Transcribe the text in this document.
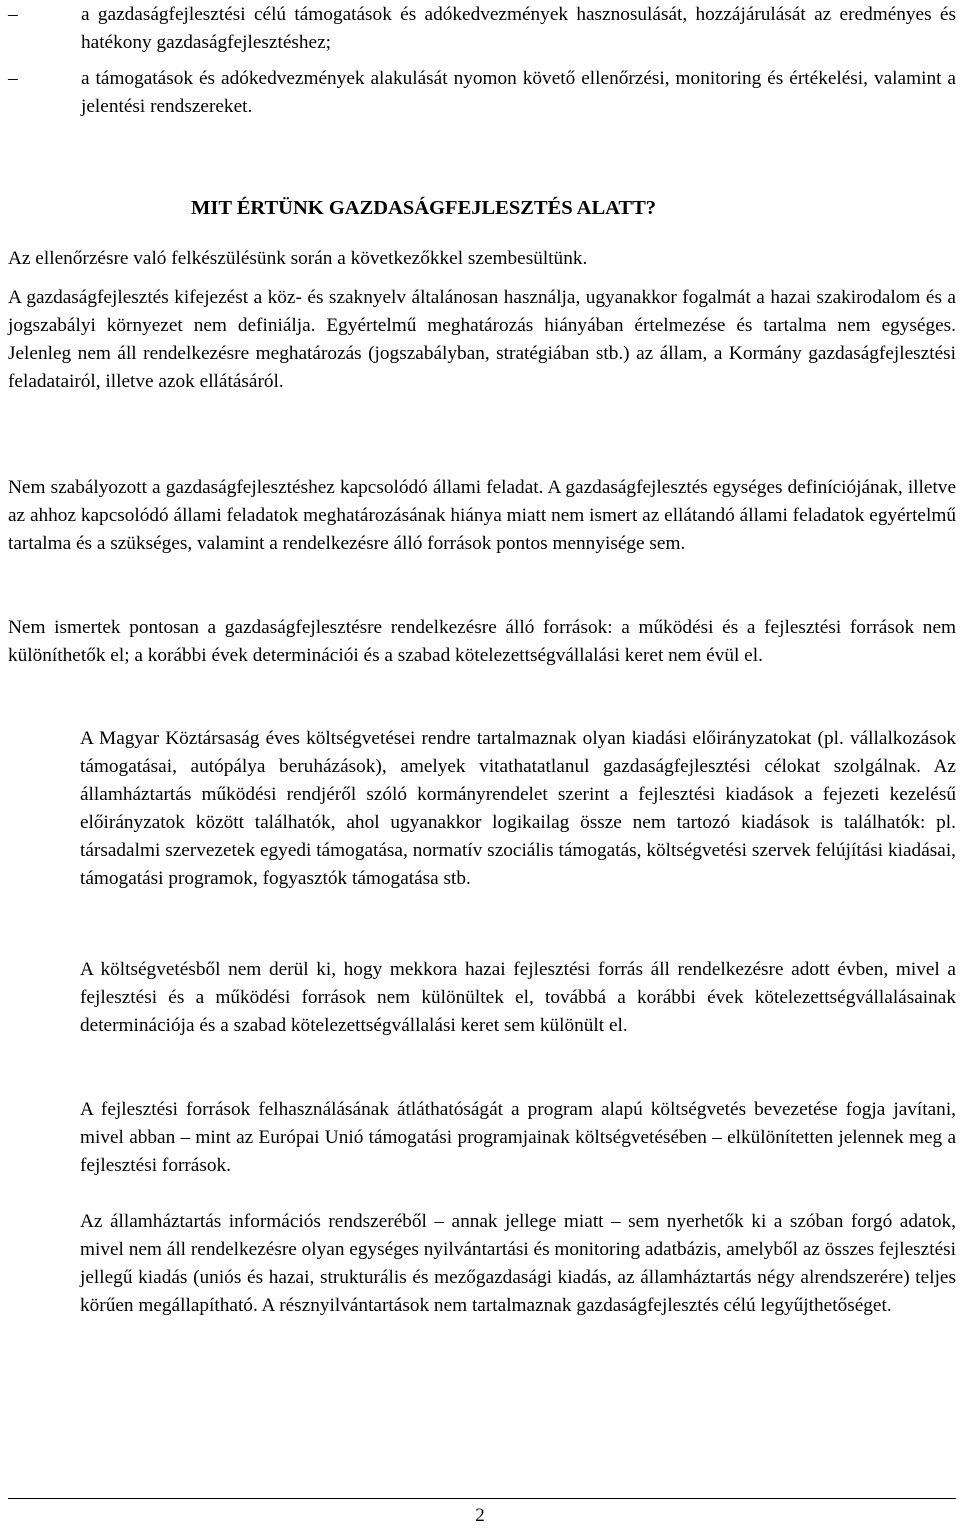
–	a gazdaságfejlesztési célú támogatások és adókedvezmények hasznosulását, hozzájárulását az eredményes és hatékony gazdaságfejlesztéshez;
–	a támogatások és adókedvezmények alakulását nyomon követő ellenőrzési, monitoring és értékelési, valamint a jelentési rendszereket.
MIT ÉRTÜNK GAZDASÁGFEJLESZTÉS ALATT?
Az ellenőrzésre való felkészülésünk során a következőkkel szembesültünk.
A gazdaságfejlesztés kifejezést a köz- és szaknyelv általánosan használja, ugyanakkor fogalmát a hazai szakirodalom és a jogszabályi környezet nem definiálja. Egyértelmű meghatározás hiányában értelmezése és tartalma nem egységes. Jelenleg nem áll rendelkezésre meghatározás (jogszabályban, stratégiában stb.) az állam, a Kormány gazdaságfejlesztési feladatairól, illetve azok ellátásáról.
Nem szabályozott a gazdaságfejlesztéshez kapcsolódó állami feladat. A gazdaságfejlesztés egységes definíciójának, illetve az ahhoz kapcsolódó állami feladatok meghatározásának hiánya miatt nem ismert az ellátandó állami feladatok egyértelmű tartalma és a szükséges, valamint a rendelkezésre álló források pontos mennyisége sem.
Nem ismertek pontosan a gazdaságfejlesztésre rendelkezésre álló források: a működési és a fejlesztési források nem különíthetők el; a korábbi évek determinációi és a szabad kötelezettségvállalási keret nem évül el.
A Magyar Köztársaság éves költségvetései rendre tartalmaznak olyan kiadási előirányzatokat (pl. vállalkozások támogatásai, autópálya beruházások), amelyek vitathatatlanul gazdaságfejlesztési célokat szolgálnak. Az államháztartás működési rendjéről szóló kormányrendelet szerint a fejlesztési kiadások a fejezeti kezelésű előirányzatok között találhatók, ahol ugyanakkor logikailag össze nem tartozó kiadások is találhatók: pl. társadalmi szervezetek egyedi támogatása, normatív szociális támogatás, költségvetési szervek felújítási kiadásai, támogatási programok, fogyasztók támogatása stb.
A költségvetésből nem derül ki, hogy mekkora hazai fejlesztési forrás áll rendelkezésre adott évben, mivel a fejlesztési és a működési források nem különültek el, továbbá a korábbi évek kötelezettségvállalásainak determinációja és a szabad kötelezettségvállalási keret sem különült el.
A fejlesztési források felhasználásának átláthatóságát a program alapú költségvetés bevezetése fogja javítani, mivel abban – mint az Európai Unió támogatási programjainak költségvetésében – elkülönítetten jelennek meg a fejlesztési források.
Az államháztartás információs rendszeréből – annak jellege miatt – sem nyerhetők ki a szóban forgó adatok, mivel nem áll rendelkezésre olyan egységes nyilvántartási és monitoring adatbázis, amelyből az összes fejlesztési jellegű kiadás (uniós és hazai, strukturális és mezőgazdasági kiadás, az államháztartás négy alrendszerére) teljes körűen megállapítható. A résznyilvántartások nem tartalmaznak gazdaságfejlesztés célú legyűjthetőséget.
2
